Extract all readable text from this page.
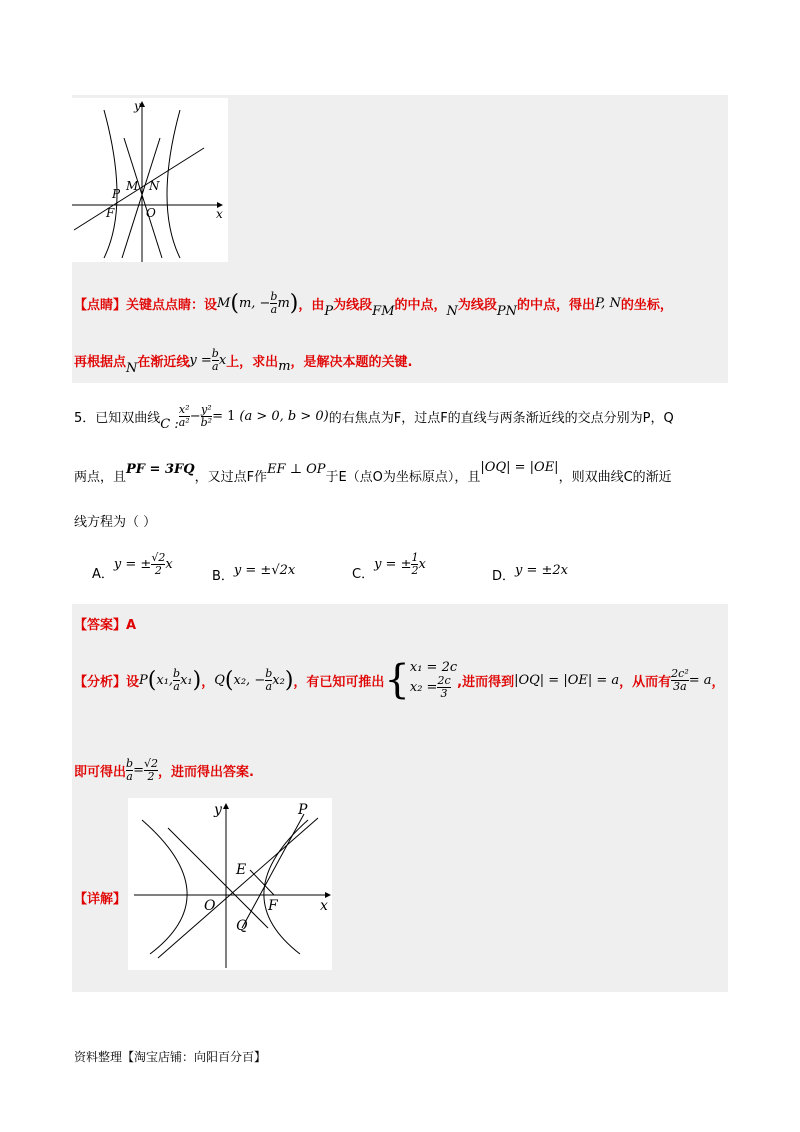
y
x
P
M N
F	O
【点睛】 关键点点睛：设 M ( m, − $\frac{b}{a}$ m ) ，由 P 为线段 FM 的中点， N 为线段 PN 的中点，得出 P, N 的坐标，
再根据点 N 在渐近线 $y = \frac{b}{a}$ x 上，求出 m ，是解决本题的关键.
5．已知双曲线 C : $\frac{\text{x²}}{\text{a²}} - \frac{\text{y²}}{\text{b²}} = 1$ (a > 0, b > 0) 的右焦点为F，过点F的直线与两条渐近线的交点分别为P，Q
两点，且
PF = 3FQ
，又过点F作
EF ⊥ OP
于E（点O为坐标原点），且
|OQ| = |OE|
，则双曲线C的渐近
线方程为（ ）
A．
y = ± $\frac{√2}{2}$ x
B． y = ±√2x	C．
y = ± $\frac{1}{2}$ x
D． y = ±2x
【答案】A
【分析】设 P ( x₁, $\frac{b}{a} x_1$ ) ， Q ( x₂, − $\frac{b}{a} x_2$ ) ，有已知可推出 { x₁ = 2c
$x_2 = \frac{2c}{3}$ ,进而得到 |OQ| = |OE| = a ，从而有 $\frac{\text{2c²}}{3a} = a$ ，
即可得出 $\frac{b}{a} = \frac{√2}{2}$ ，进而得出答案.
【详解】
y
x
P
E
O	F
Q
资料整理【淘宝店铺：向阳百分百】
